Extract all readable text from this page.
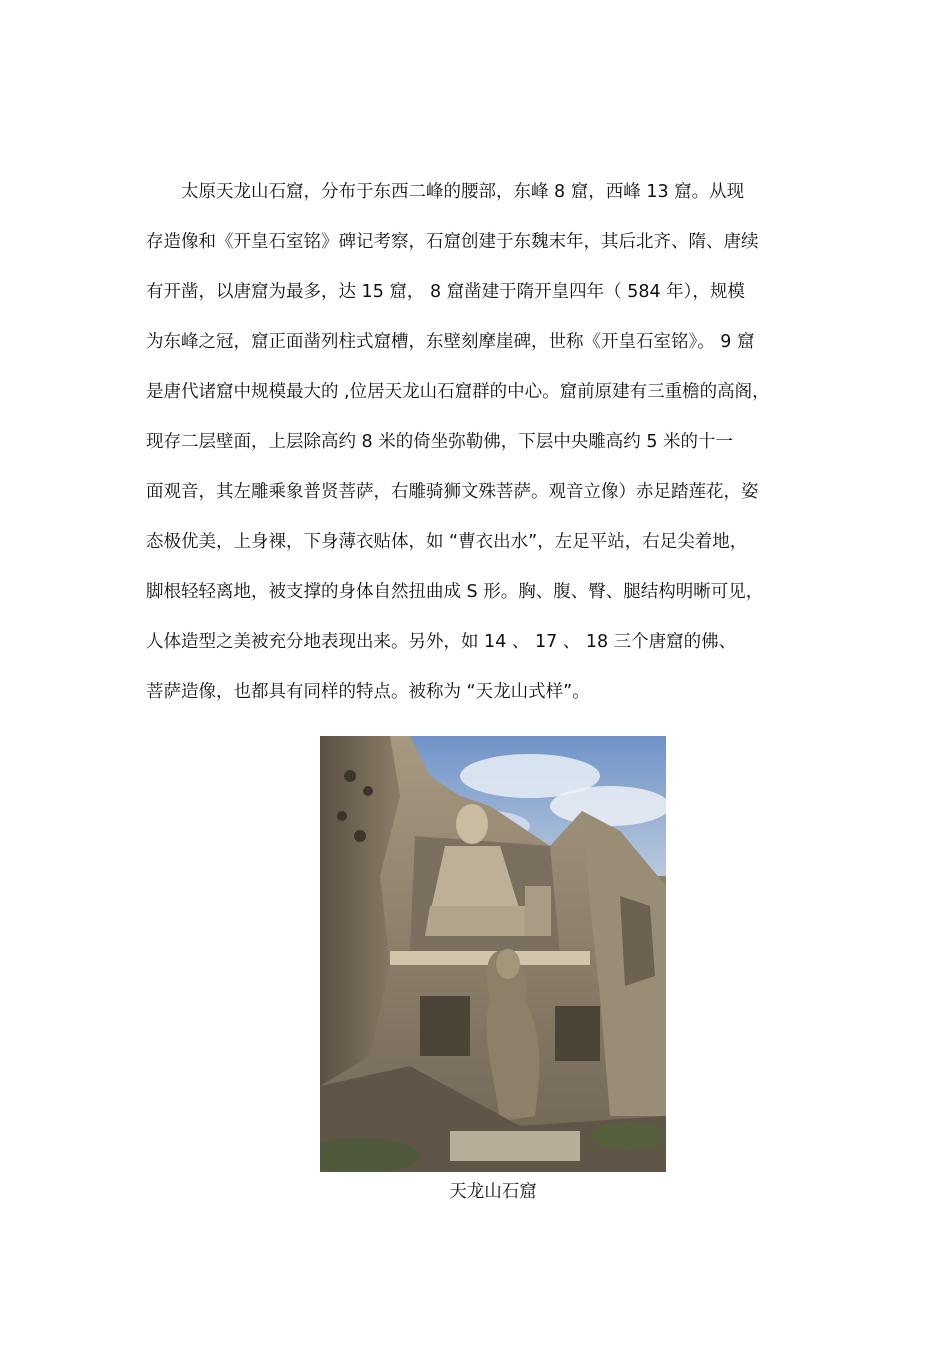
太原天龙山石窟，分布于东西二峰的腰部，东峰 8 窟，西峰 13 窟。从现
存造像和《开皇石室铭》碑记考察，石窟创建于东魏末年，其后北齐、隋、唐续
有开凿，以唐窟为最多，达 15 窟， 8 窟凿建于隋开皇四年（ 584 年），规模
为东峰之冠，窟正面凿列柱式窟槽，东壁刻摩崖碑，世称《开皇石室铭》。 9 窟
是唐代诸窟中规模最大的 ,位居天龙山石窟群的中心。窟前原建有三重檐的高阁，
现存二层壁面，上层除高约 8 米的倚坐弥勒佛，下层中央雕高约 5 米的十一
面观音，其左雕乘象普贤菩萨，右雕骑狮文殊菩萨。观音立像）赤足踏莲花，姿
态极优美，上身裸，下身薄衣贴体，如 “曹衣出水”，左足平站，右足尖着地，
脚根轻轻离地，被支撑的身体自然扭曲成 S 形。胸、腹、臀、腿结构明晰可见，
人体造型之美被充分地表现出来。另外，如 14 、 17 、 18 三个唐窟的佛、
菩萨造像，也都具有同样的特点。被称为 “天龙山式样”。
天龙山石窟
